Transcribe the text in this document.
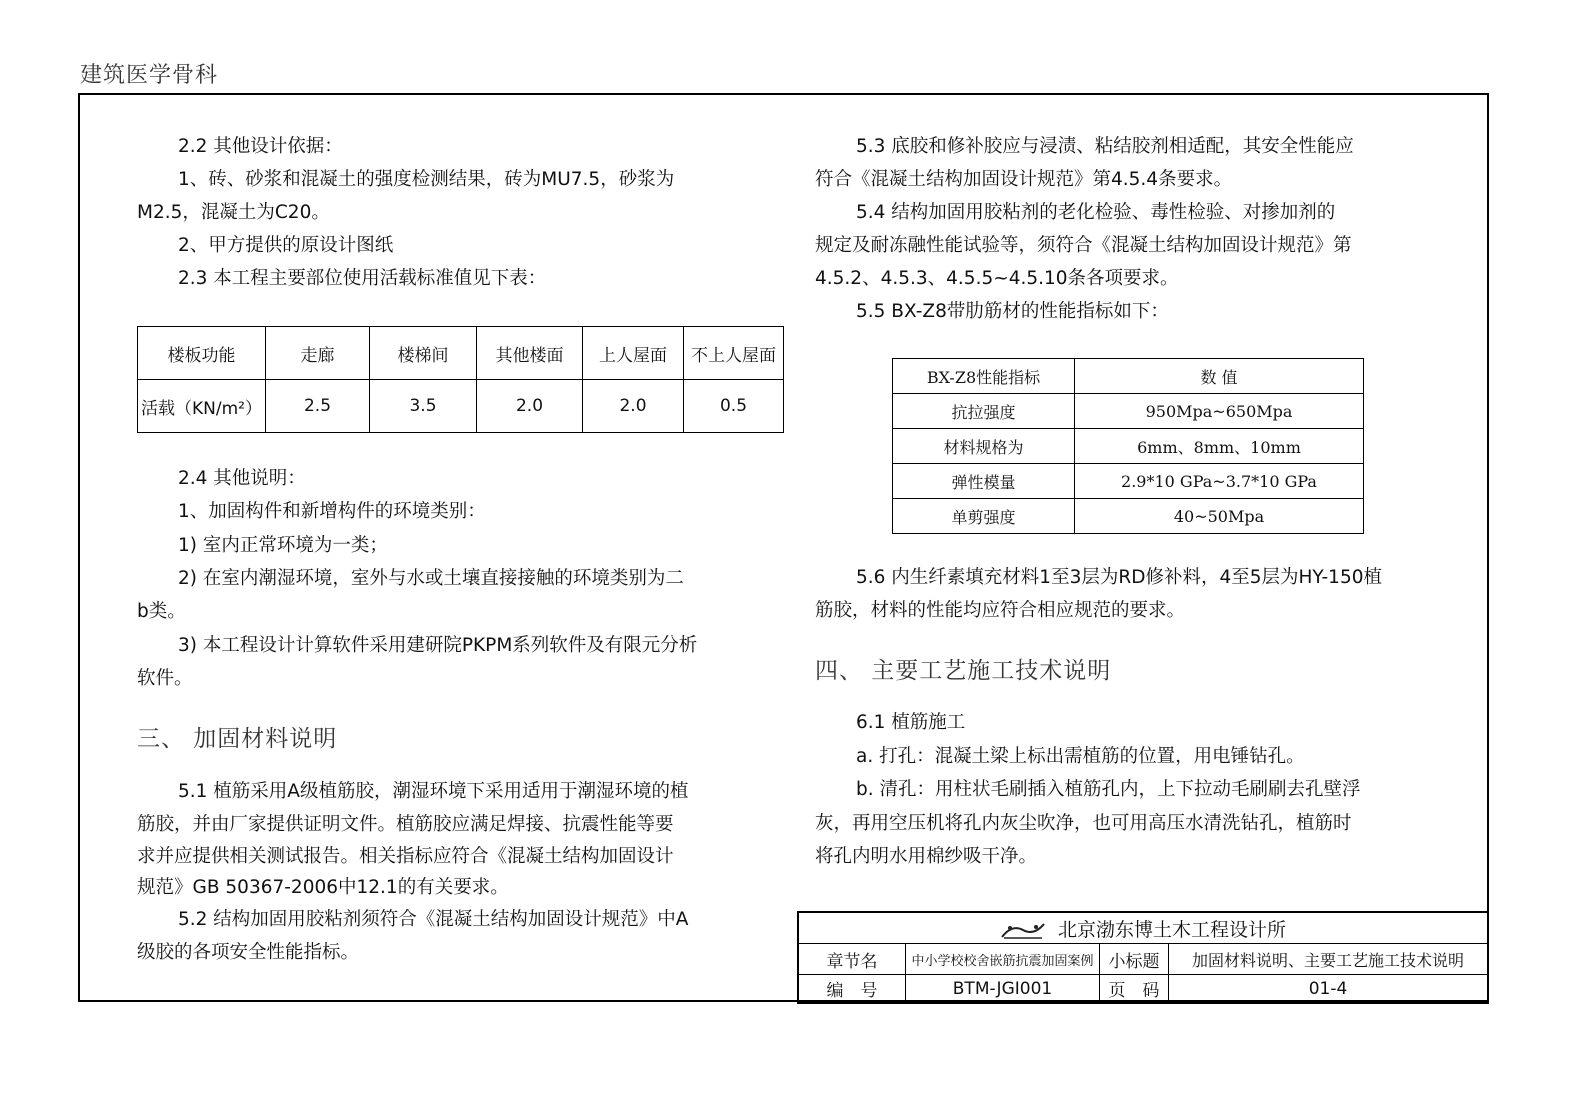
建筑医学骨科
2.2 其他设计依据：
1、砖、砂浆和混凝土的强度检测结果，砖为MU7.5，砂浆为
M2.5，混凝土为C20。
2、甲方提供的原设计图纸
2.3 本工程主要部位使用活载标准值见下表：
楼板功能	走廊	楼梯间	其他楼面	上人屋面	不上人屋面
活载（KN/m²）	2.5	3.5	2.0	2.0	0.5
2.4 其他说明：
1、加固构件和新增构件的环境类别：
1) 室内正常环境为一类；
2) 在室内潮湿环境，室外与水或土壤直接接触的环境类别为二
b类。
3) 本工程设计计算软件采用建研院PKPM系列软件及有限元分析
软件。
三、 加固材料说明
5.1 植筋采用A级植筋胶，潮湿环境下采用适用于潮湿环境的植
筋胶，并由厂家提供证明文件。植筋胶应满足焊接、抗震性能等要
求并应提供相关测试报告。相关指标应符合《混凝土结构加固设计
规范》GB 50367-2006中12.1的有关要求。
5.2 结构加固用胶粘剂须符合《混凝土结构加固设计规范》中A
级胶的各项安全性能指标。
5.3 底胶和修补胶应与浸渍、粘结胶剂相适配，其安全性能应
符合《混凝土结构加固设计规范》第4.5.4条要求。
5.4 结构加固用胶粘剂的老化检验、毒性检验、对掺加剂的
规定及耐冻融性能试验等，须符合《混凝土结构加固设计规范》第
4.5.2、4.5.3、4.5.5~4.5.10条各项要求。
5.5 BX-Z8带肋筋材的性能指标如下：
BX-Z8性能指标	数 值
抗拉强度	950Mpa~650Mpa
材料规格为	6mm、8mm、10mm
弹性模量	2.9*10 GPa~3.7*10 GPa
单剪强度	40~50Mpa
5.6 内生纤素填充材料1至3层为RD修补料，4至5层为HY-150植
筋胶，材料的性能均应符合相应规范的要求。
四、 主要工艺施工技术说明
6.1 植筋施工
a. 打孔：混凝土梁上标出需植筋的位置，用电锤钻孔。
b. 清孔：用柱状毛刷插入植筋孔内，上下拉动毛刷刷去孔壁浮
灰，再用空压机将孔内灰尘吹净，也可用高压水清洗钻孔，植筋时
将孔内明水用棉纱吸干净。
北京渤东博土木工程设计所			
章节名	中小学校校舍嵌筋抗震加固案例	小标题	加固材料说明、主要工艺施工技术说明
编　号	BTM-JGI001	页　码	01-4
